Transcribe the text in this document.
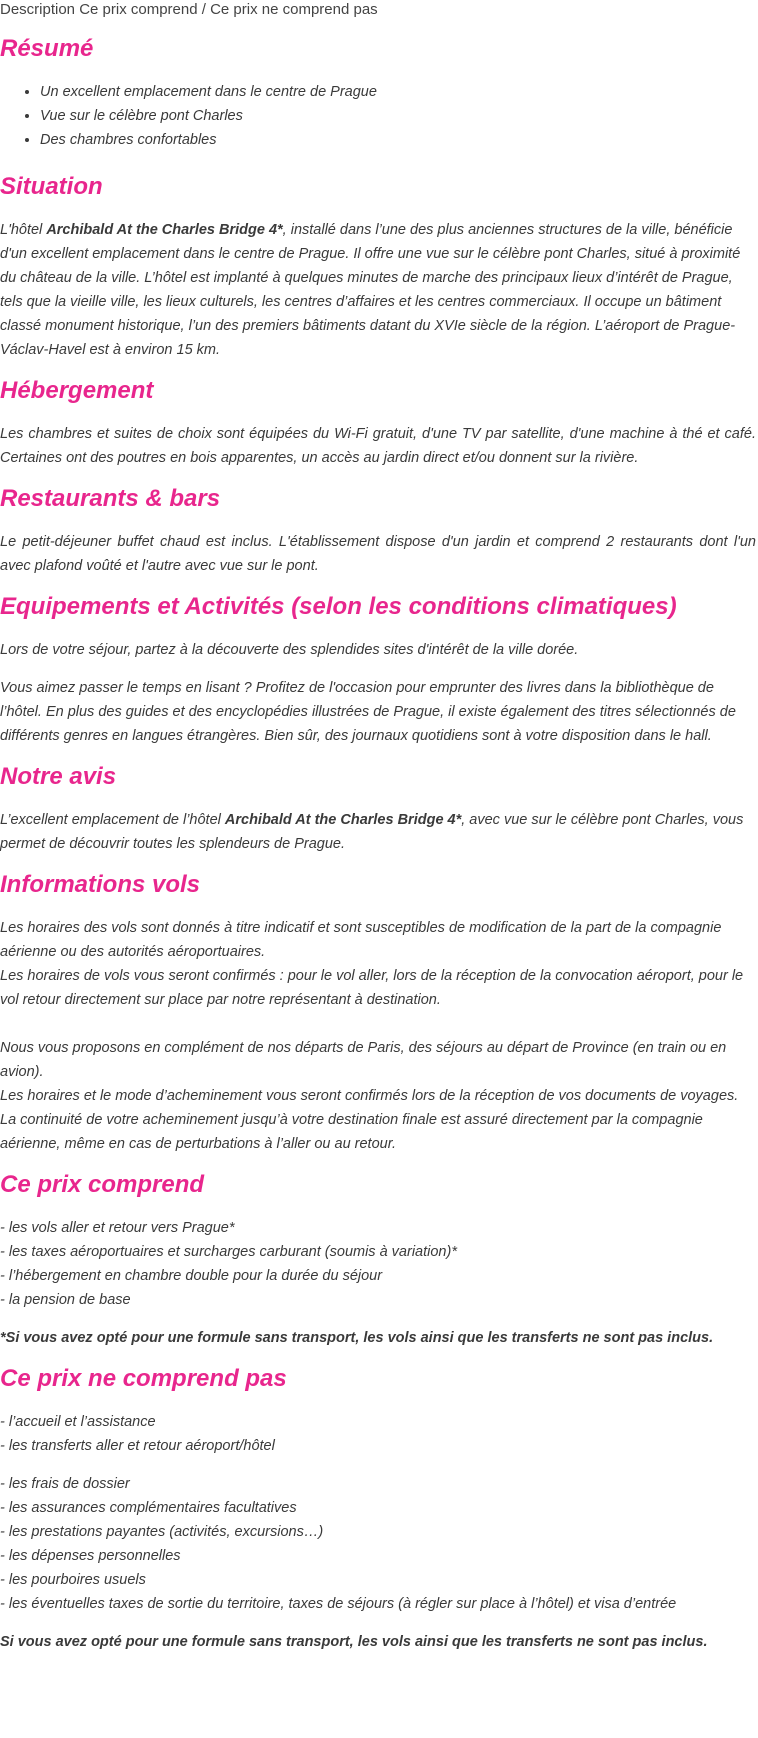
Description Ce prix comprend / Ce prix ne comprend pas
Résumé
• Un excellent emplacement dans le centre de Prague
• Vue sur le célèbre pont Charles
• Des chambres confortables
Situation

L'hôtel Archibald At the Charles Bridge 4*, installé dans l’une des plus anciennes structures de la ville, bénéficie d'un excellent emplacement dans le centre de Prague. Il offre une vue sur le célèbre pont Charles, situé à proximité du château de la ville. L’hôtel est implanté à quelques minutes de marche des principaux lieux d’intérêt de Prague, tels que la vieille ville, les lieux culturels, les centres d’affaires et les centres commerciaux. Il occupe un bâtiment classé monument historique, l’un des premiers bâtiments datant du XVIe siècle de la région. L’aéroport de Prague-Václav-Havel est à environ 15 km.

Hébergement

Les chambres et suites de choix sont équipées du Wi-Fi gratuit, d'une TV par satellite, d'une machine à thé et café. Certaines ont des poutres en bois apparentes, un accès au jardin direct et/ou donnent sur la rivière.

Restaurants & bars

Le petit-déjeuner buffet chaud est inclus. L'établissement dispose d'un jardin et comprend 2 restaurants dont l'un avec plafond voûté et l'autre avec vue sur le pont.

Equipements et Activités (selon les conditions climatiques)

Lors de votre séjour, partez à la découverte des splendides sites d'intérêt de la ville dorée.

Vous aimez passer le temps en lisant ? Profitez de l'occasion pour emprunter des livres dans la bibliothèque de l’hôtel. En plus des guides et des encyclopédies illustrées de Prague, il existe également des titres sélectionnés de différents genres en langues étrangères. Bien sûr, des journaux quotidiens sont à votre disposition dans le hall.

Notre avis

L’excellent emplacement de l’hôtel Archibald At the Charles Bridge 4*, avec vue sur le célèbre pont Charles, vous permet de découvrir toutes les splendeurs de Prague.

Informations vols
Les horaires des vols sont donnés à titre indicatif et sont susceptibles de modification de la part de la compagnie aérienne ou des autorités aéroportuaires.
Les horaires de vols vous seront confirmés : pour le vol aller, lors de la réception de la convocation aéroport, pour le vol retour directement sur place par notre représentant à destination.
Nous vous proposons en complément de nos départs de Paris, des séjours au départ de Province (en train ou en avion).
Les horaires et le mode d’acheminement vous seront confirmés lors de la réception de vos documents de voyages.
La continuité de votre acheminement jusqu’à votre destination finale est assuré directement par la compagnie aérienne, même en cas de perturbations à l’aller ou au retour.
Ce prix comprend
- les vols aller et retour vers Prague*
- les taxes aéroportuaires et surcharges carburant (soumis à variation)*
- l’hébergement en chambre double pour la durée du séjour
- la pension de base

*Si vous avez opté pour une formule sans transport, les vols ainsi que les transferts ne sont pas inclus.

Ce prix ne comprend pas
- l’accueil et l’assistance
- les transferts aller et retour aéroport/hôtel
- les frais de dossier
- les assurances complémentaires facultatives
- les prestations payantes (activités, excursions…)
- les dépenses personnelles
- les pourboires usuels
- les éventuelles taxes de sortie du territoire, taxes de séjours (à régler sur place à l’hôtel) et visa d’entrée

Si vous avez opté pour une formule sans transport, les vols ainsi que les transferts ne sont pas inclus.
